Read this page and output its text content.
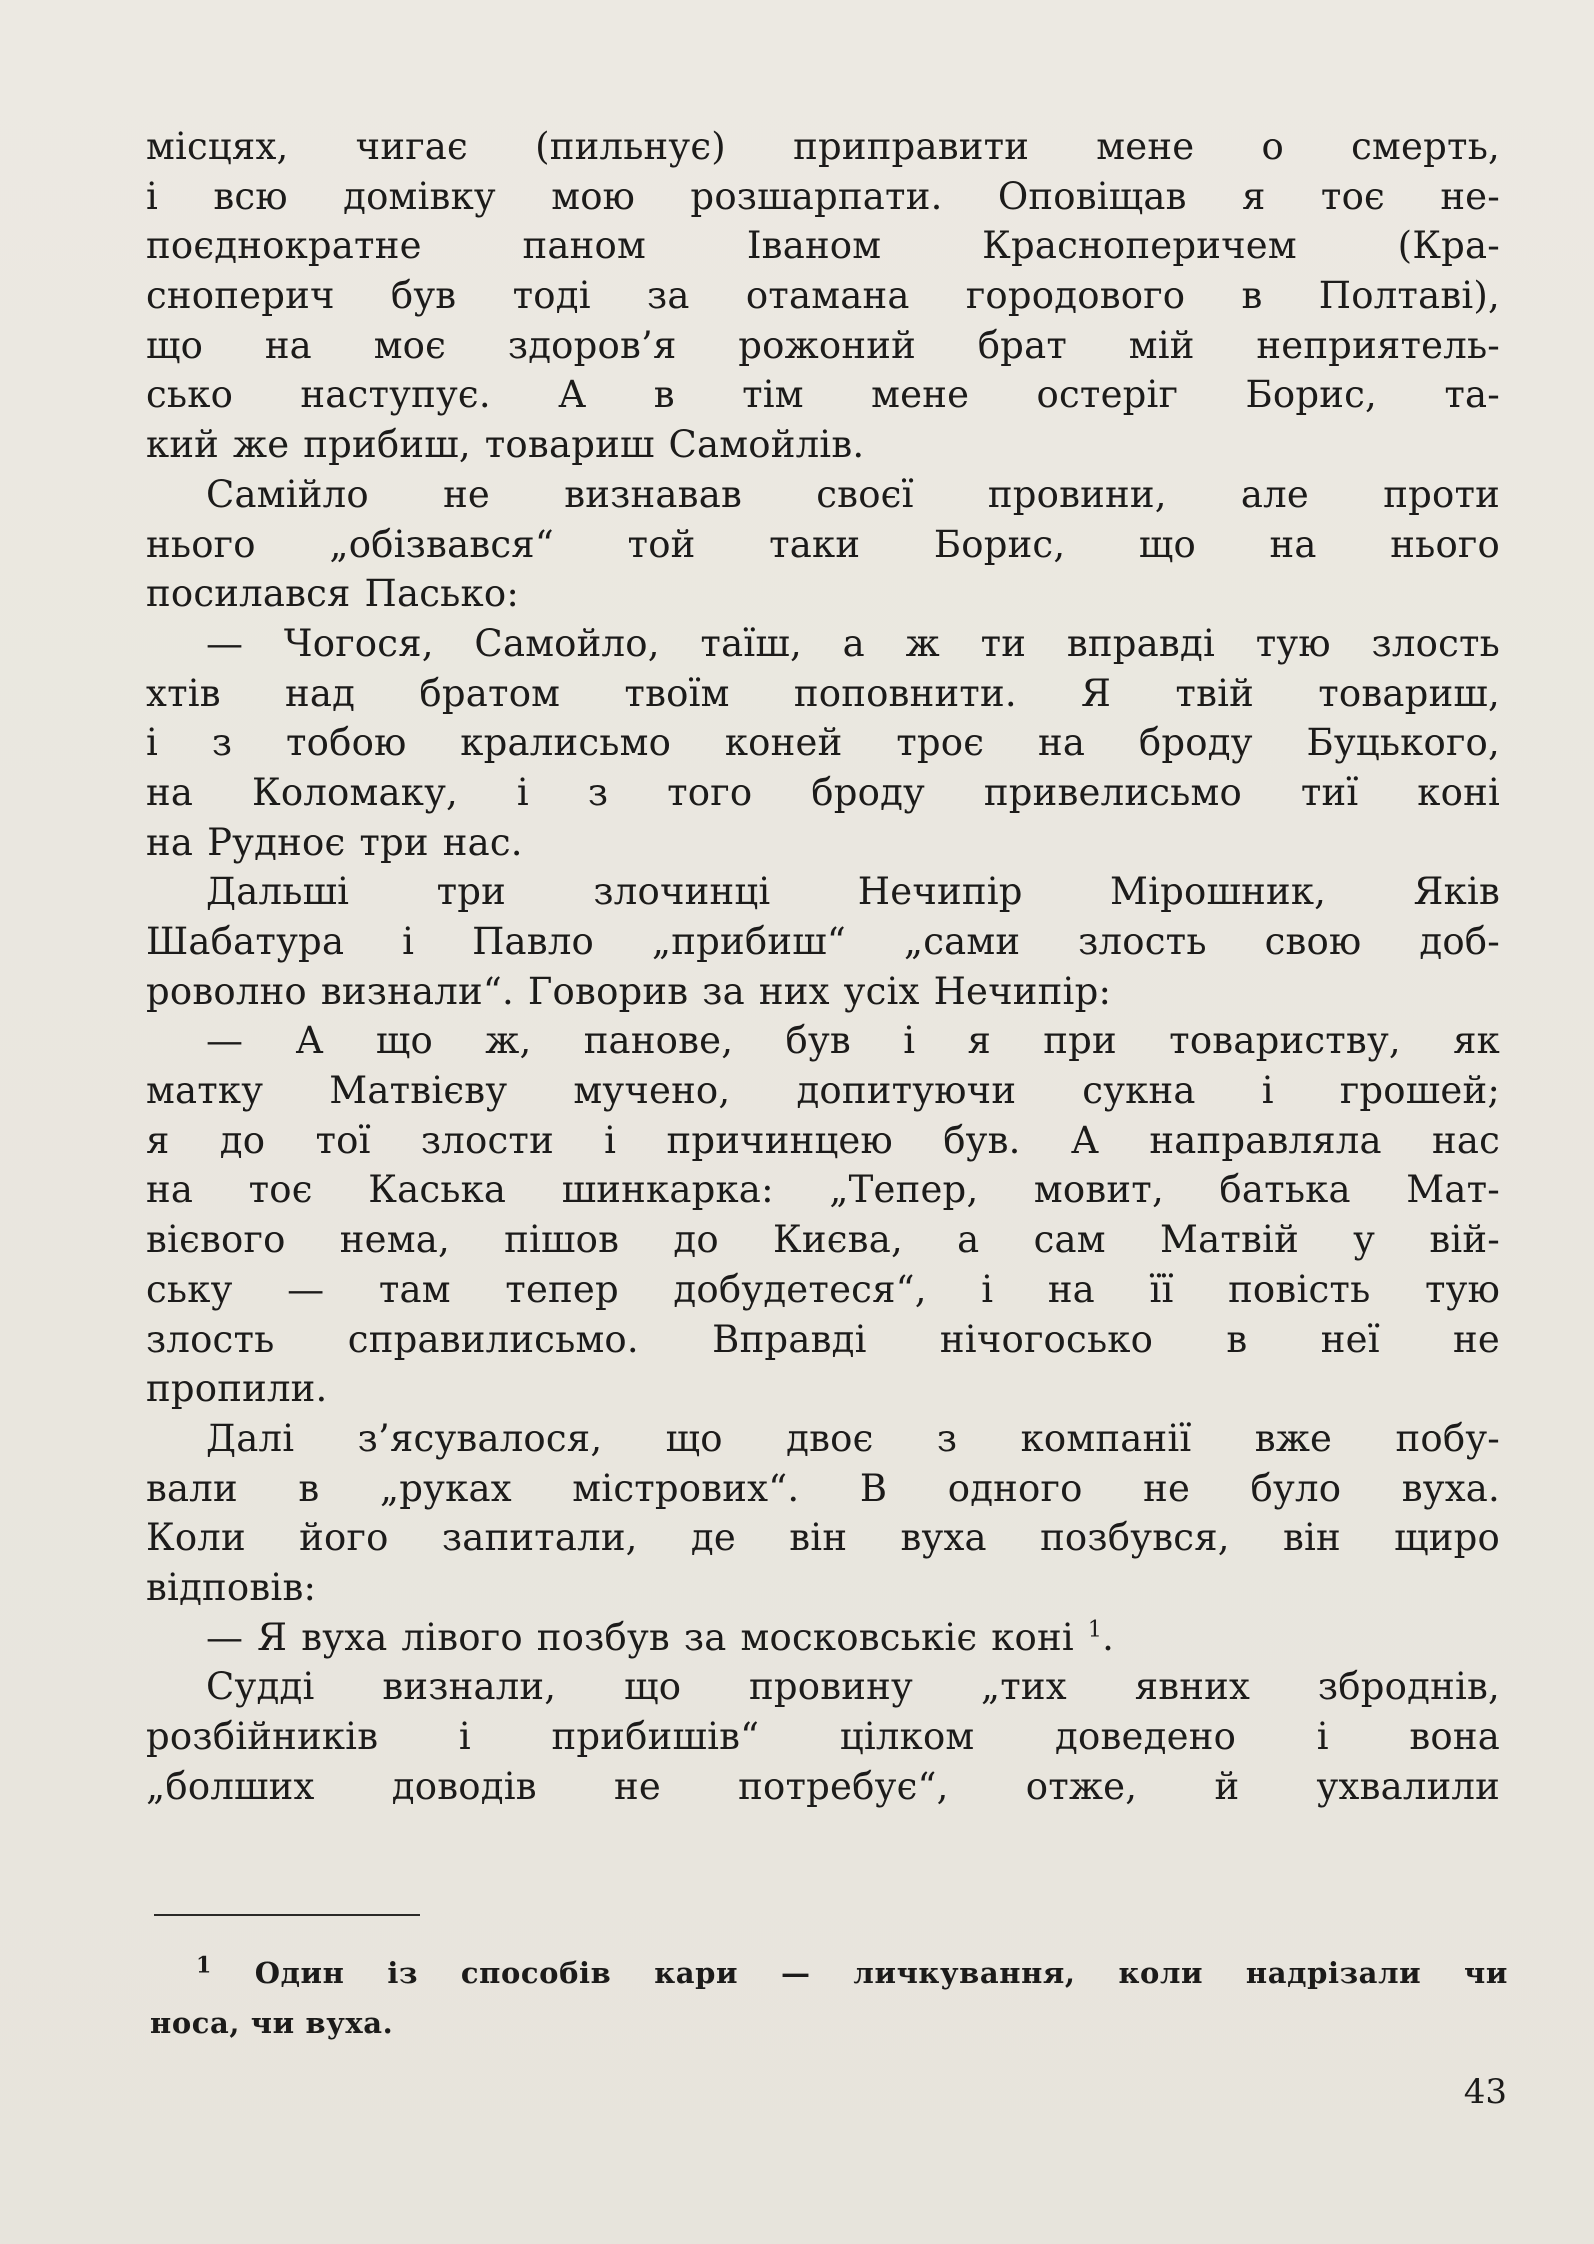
місцях, чигає (пильнує) приправити мене о смерть,
і всю домівку мою розшарпати. Оповіщав я тоє не-
поєднократне паном Іваном Красноперичем (Кра-
сноперич був тоді за отамана городового в Полтаві),
що на моє здоров’я рожоний брат мій неприятель-
сько наступує. А в тім мене остеріг Борис, та-
кий же прибиш, товариш Самойлів.
Самійло не визнавав своєї провини, але проти
нього „обізвався“ той таки Борис, що на нього
посилався Пасько:
— Чогося, Самойло, таїш, а ж ти вправді тую злость
хтів над братом твоїм поповнити. Я твій товариш,
і з тобою кралисьмо коней троє на броду Буцького,
на Коломаку, і з того броду привелисьмо тиї коні
на Рудноє три нас.
Дальші три злочинці Нечипір Мірошник, Яків
Шабатура і Павло „прибиш“ „сами злость свою доб-
роволно визнали“. Говорив за них усіх Нечипір:
— А що ж, панове, був і я при товариству, як
матку Матвієву мучено, допитуючи сукна і грошей;
я до тої злости і причинцею був. А направляла нас
на тоє Каська шинкарка: „Тепер, мовит, батька Мат-
вієвого нема, пішов до Києва, а сам Матвій у вій-
ську — там тепер добудетеся“, і на її повість тую
злость справилисьмо. Вправді нічогосько в неї не
пропили.
Далі з’ясувалося, що двоє з компанії вже побу-
вали в „руках містрових“. В одного не було вуха.
Коли його запитали, де він вуха позбувся, він щиро
відповів:
— Я вуха лівого позбув за московськіє коні $^1$.
Судді визнали, що провину „тих явних зброднів,
розбійників і прибишів“ цілком доведено і вона
„болших доводів не потребує“, отже, й ухвалили
$^1$ Один із способів кари — личкування, коли надрізали чи
носа, чи вуха.
43
